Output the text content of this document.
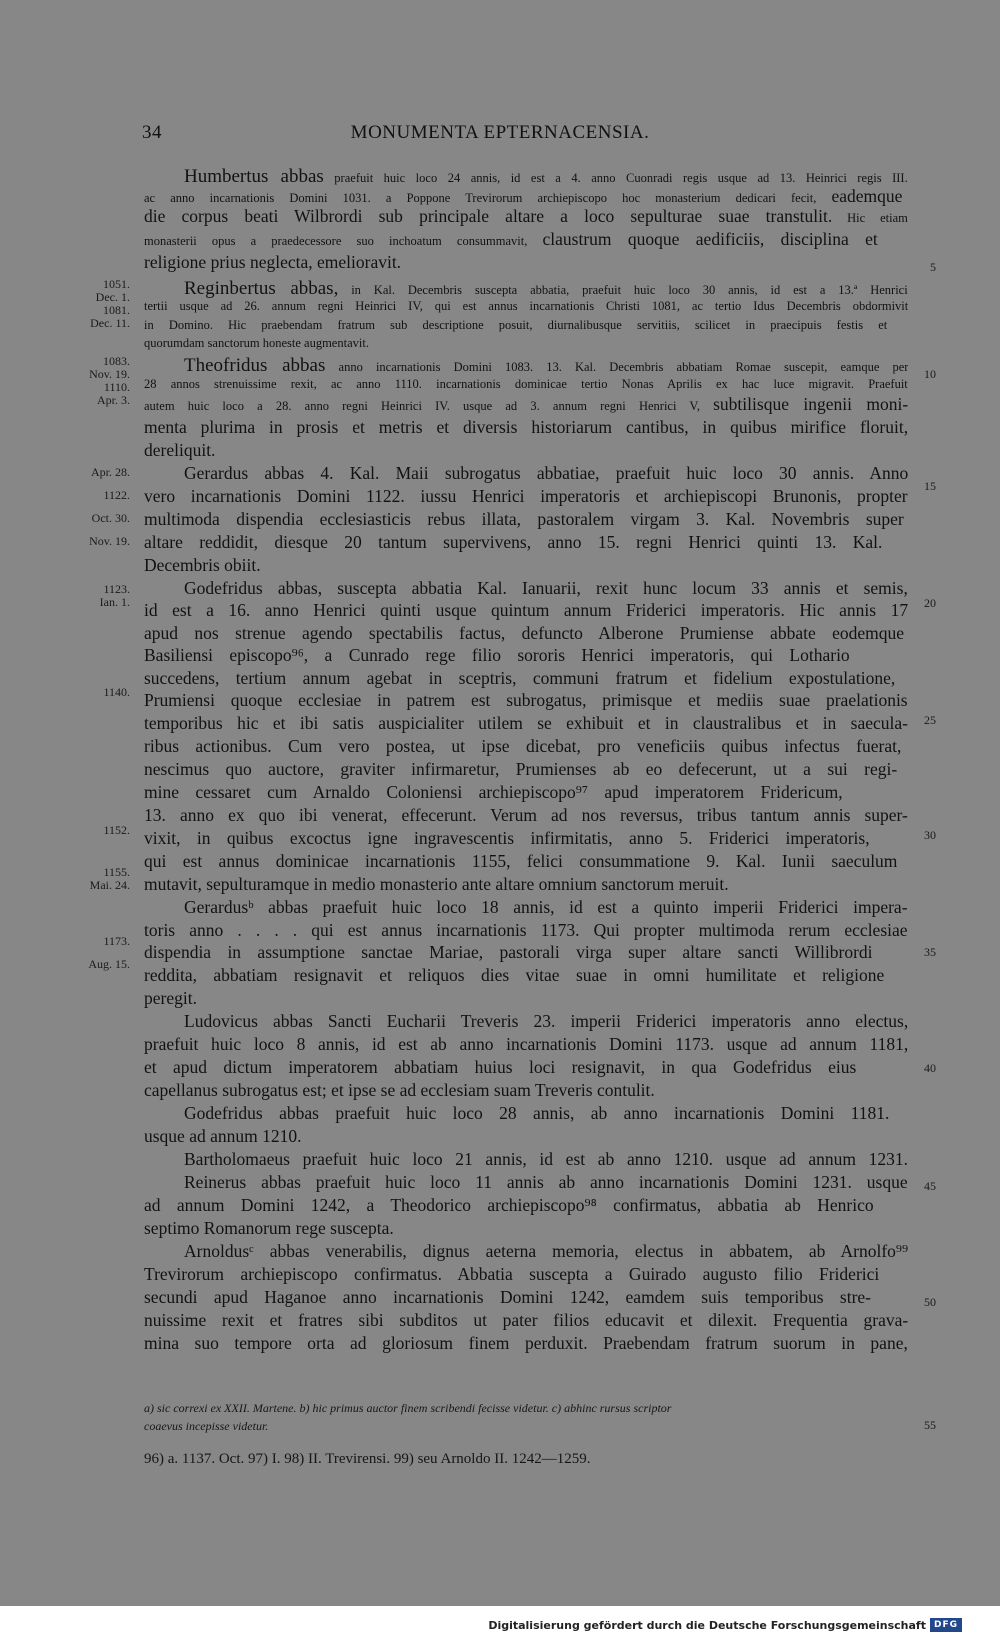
34	MONUMENTA EPTERNACENSIA.
Humbertus abbas praefuit huic loco 24 annis, id est a 4. anno Cuonradi regis usque ad 13. Heinrici regis III.
ac anno incarnationis Domini 1031. a Poppone Trevirorum archiepiscopo hoc monasterium dedicari fecit, eademque
die corpus beati Wilbrordi sub principale altare a loco sepulturae suae transtulit. Hic etiam
monasterii opus a praedecessore suo inchoatum consummavit, claustrum quoque aedificiis, disciplina et
religione prius neglecta, emelioravit.
Reginbertus abbas, in Kal. Decembris suscepta abbatia, praefuit huic loco 30 annis, id est a 13.ª Henrici
tertii usque ad 26. annum regni Heinrici IV, qui est annus incarnationis Christi 1081, ac tertio Idus Decembris obdormivit
in Domino. Hic praebendam fratrum sub descriptione posuit, diurnalibusque servitiis, scilicet in praecipuis festis et
quorumdam sanctorum honeste augmentavit.
Theofridus abbas anno incarnationis Domini 1083. 13. Kal. Decembris abbatiam Romae suscepit, eamque per
28 annos strenuissime rexit, ac anno 1110. incarnationis dominicae tertio Nonas Aprilis ex hac luce migravit. Praefuit
autem huic loco a 28. anno regni Heinrici IV. usque ad 3. annum regni Henrici V, subtilisque ingenii moni-
menta plurima in prosis et metris et diversis historiarum cantibus, in quibus mirifice floruit,
dereliquit.
Gerardus abbas 4. Kal. Maii subrogatus abbatiae, praefuit huic loco 30 annis. Anno
vero incarnationis Domini 1122. iussu Henrici imperatoris et archiepiscopi Brunonis, propter
multimoda dispendia ecclesiasticis rebus illata, pastoralem virgam 3. Kal. Novembris super
altare reddidit, diesque 20 tantum supervivens, anno 15. regni Henrici quinti 13. Kal.
Decembris obiit.
Godefridus abbas, suscepta abbatia Kal. Ianuarii, rexit hunc locum 33 annis et semis,
id est a 16. anno Henrici quinti usque quintum annum Friderici imperatoris. Hic annis 17
apud nos strenue agendo spectabilis factus, defuncto Alberone Prumiense abbate eodemque
Basiliensi episcopo⁹⁶, a Cunrado rege filio sororis Henrici imperatoris, qui Lothario
succedens, tertium annum agebat in sceptris, communi fratrum et fidelium expostulatione,
Prumiensi quoque ecclesiae in patrem est subrogatus, primisque et mediis suae praelationis
temporibus hic et ibi satis auspicialiter utilem se exhibuit et in claustralibus et in saecula-
ribus actionibus. Cum vero postea, ut ipse dicebat, pro veneficiis quibus infectus fuerat,
nescimus quo auctore, graviter infirmaretur, Prumienses ab eo defecerunt, ut a sui regi-
mine cessaret cum Arnaldo Coloniensi archiepiscopo⁹⁷ apud imperatorem Fridericum,
13. anno ex quo ibi venerat, effecerunt. Verum ad nos reversus, tribus tantum annis super-
vixit, in quibus excoctus igne ingravescentis infirmitatis, anno 5. Friderici imperatoris,
qui est annus dominicae incarnationis 1155, felici consummatione 9. Kal. Iunii saeculum
mutavit, sepulturamque in medio monasterio ante altare omnium sanctorum meruit.
Gerardusᵇ abbas praefuit huic loco 18 annis, id est a quinto imperii Friderici impera-
toris anno . . . . qui est annus incarnationis 1173. Qui propter multimoda rerum ecclesiae
dispendia in assumptione sanctae Mariae, pastorali virga super altare sancti Willibrordi
reddita, abbatiam resignavit et reliquos dies vitae suae in omni humilitate et religione
peregit.
Ludovicus abbas Sancti Eucharii Treveris 23. imperii Friderici imperatoris anno electus,
praefuit huic loco 8 annis, id est ab anno incarnationis Domini 1173. usque ad annum 1181,
et apud dictum imperatorem abbatiam huius loci resignavit, in qua Godefridus eius
capellanus subrogatus est; et ipse se ad ecclesiam suam Treveris contulit.
Godefridus abbas praefuit huic loco 28 annis, ab anno incarnationis Domini 1181.
usque ad annum 1210.
Bartholomaeus praefuit huic loco 21 annis, id est ab anno 1210. usque ad annum 1231.
Reinerus abbas praefuit huic loco 11 annis ab anno incarnationis Domini 1231. usque
ad annum Domini 1242, a Theodorico archiepiscopo⁹⁸ confirmatus, abbatia ab Henrico
septimo Romanorum rege suscepta.
Arnoldusᶜ abbas venerabilis, dignus aeterna memoria, electus in abbatem, ab Arnolfo⁹⁹
Trevirorum archiepiscopo confirmatus. Abbatia suscepta a Guirado augusto filio Friderici
secundi apud Haganoe anno incarnationis Domini 1242, eamdem suis temporibus stre-
nuissime rexit et fratres sibi subditos ut pater filios educavit et dilexit. Frequentia grava-
mina suo tempore orta ad gloriosum finem perduxit. Praebendam fratrum suorum in pane,
1051.
Dec. 1.
1081.
Dec. 11.
1083.
Nov. 19.
1110.
Apr. 3.
Apr. 28.
1122.
Oct. 30.
Nov. 19.
1123.
Ian. 1.
1140.
1152.
1155.
Mai. 24.
1173.
Aug. 15.
5
10
15
20
25
30
35
40
45
50
55
a) sic correxi ex XXII. Martene. b) hic primus auctor finem scribendi fecisse videtur. c) abhinc rursus scriptor
coaevus incepisse videtur.
96) a. 1137. Oct. 97) I. 98) II. Trevirensi. 99) seu Arnoldo II. 1242—1259.
Digitalisierung gefördert durch die Deutsche Forschungsgemeinschaft DFG
